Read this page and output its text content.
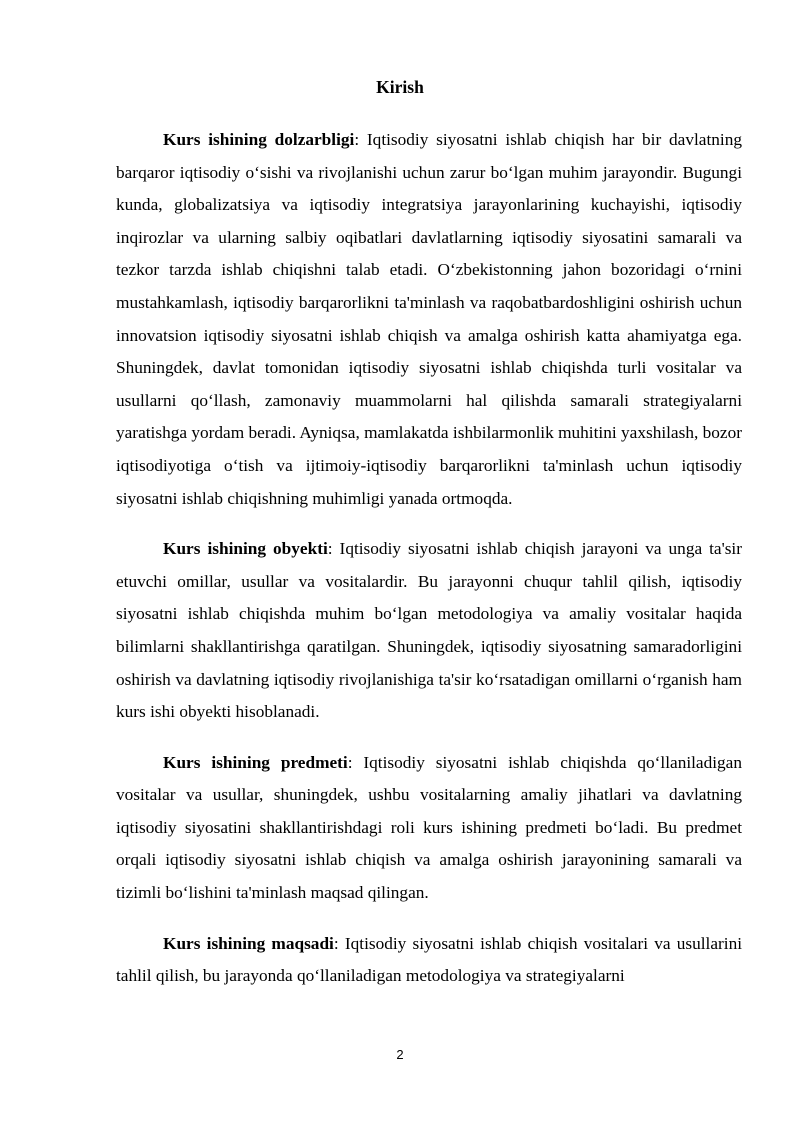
Kirish

Kurs ishining dolzarbligi: Iqtisodiy siyosatni ishlab chiqish har bir davlatning barqaror iqtisodiy o‘sishi va rivojlanishi uchun zarur bo‘lgan muhim jarayondir. Bugungi kunda, globalizatsiya va iqtisodiy integratsiya jarayonlarining kuchayishi, iqtisodiy inqirozlar va ularning salbiy oqibatlari davlatlarning iqtisodiy siyosatini samarali va tezkor tarzda ishlab chiqishni talab etadi. O‘zbekistonning jahon bozoridagi o‘rnini mustahkamlash, iqtisodiy barqarorlikni ta'minlash va raqobatbardoshligini oshirish uchun innovatsion iqtisodiy siyosatni ishlab chiqish va amalga oshirish katta ahamiyatga ega. Shuningdek, davlat tomonidan iqtisodiy siyosatni ishlab chiqishda turli vositalar va usullarni qo‘llash, zamonaviy muammolarni hal qilishda samarali strategiyalarni yaratishga yordam beradi. Ayniqsa, mamlakatda ishbilarmonlik muhitini yaxshilash, bozor iqtisodiyotiga o‘tish va ijtimoiy-iqtisodiy barqarorlikni ta'minlash uchun iqtisodiy siyosatni ishlab chiqishning muhimligi yanada ortmoqda.

Kurs ishining obyekti: Iqtisodiy siyosatni ishlab chiqish jarayoni va unga ta'sir etuvchi omillar, usullar va vositalardir. Bu jarayonni chuqur tahlil qilish, iqtisodiy siyosatni ishlab chiqishda muhim bo‘lgan metodologiya va amaliy vositalar haqida bilimlarni shakllantirishga qaratilgan. Shuningdek, iqtisodiy siyosatning samaradorligini oshirish va davlatning iqtisodiy rivojlanishiga ta'sir ko‘rsatadigan omillarni o‘rganish ham kurs ishi obyekti hisoblanadi.

Kurs ishining predmeti: Iqtisodiy siyosatni ishlab chiqishda qo‘llaniladigan vositalar va usullar, shuningdek, ushbu vositalarning amaliy jihatlari va davlatning iqtisodiy siyosatini shakllantirishdagi roli kurs ishining predmeti bo‘ladi. Bu predmet orqali iqtisodiy siyosatni ishlab chiqish va amalga oshirish jarayonining samarali va tizimli bo‘lishini ta'minlash maqsad qilingan.

Kurs ishining maqsadi: Iqtisodiy siyosatni ishlab chiqish vositalari va usullarini tahlil qilish, bu jarayonda qo‘llaniladigan metodologiya va strategiyalarni

2
